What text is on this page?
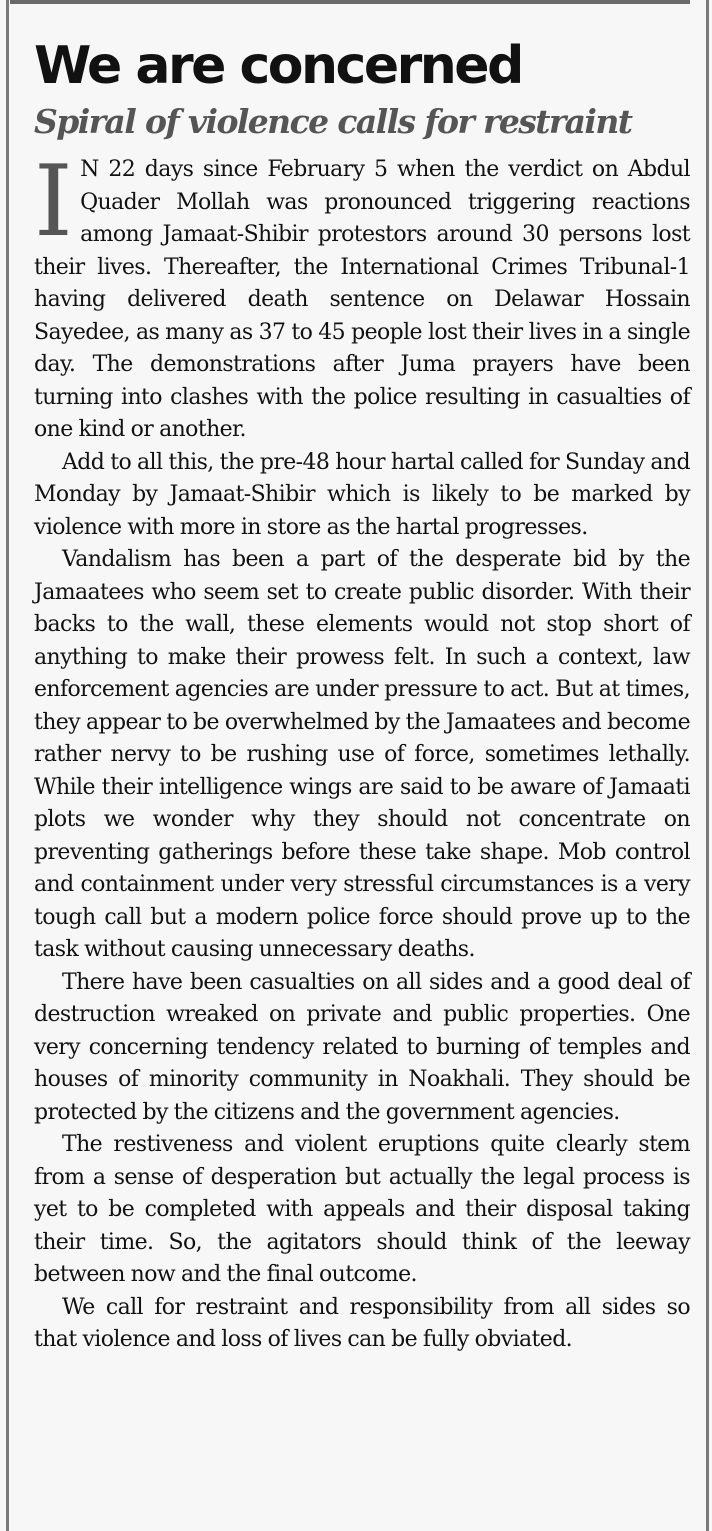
We are concerned
Spiral of violence calls for restraint

I N 22 days since February 5 when the verdict on Abdul Quader Mollah was pronounced triggering reactions among Jamaat-Shibir protestors around 30 persons lost their lives. Thereafter, the International Crimes Tribunal-1 having delivered death sentence on Delawar Hossain Sayedee, as many as 37 to 45 people lost their lives in a single day. The demonstrations after Juma prayers have been turning into clashes with the police resulting in casualties of one kind or another.

Add to all this, the pre-48 hour hartal called for Sunday and Monday by Jamaat-Shibir which is likely to be marked by violence with more in store as the hartal progresses.

Vandalism has been a part of the desperate bid by the Jamaatees who seem set to create public disorder. With their backs to the wall, these elements would not stop short of anything to make their prowess felt. In such a context, law enforcement agencies are under pressure to act. But at times, they appear to be overwhelmed by the Jamaatees and become rather nervy to be rushing use of force, sometimes lethally. While their intelligence wings are said to be aware of Jamaati plots we wonder why they should not concentrate on preventing gatherings before these take shape. Mob control and containment under very stressful circumstances is a very tough call but a modern police force should prove up to the task without causing unnecessary deaths.

There have been casualties on all sides and a good deal of destruction wreaked on private and public properties. One very concerning tendency related to burning of temples and houses of minority community in Noakhali. They should be protected by the citizens and the government agencies.

The restiveness and violent eruptions quite clearly stem from a sense of desperation but actually the legal process is yet to be completed with appeals and their disposal taking their time. So, the agitators should think of the leeway between now and the final outcome.

We call for restraint and responsibility from all sides so that violence and loss of lives can be fully obviated.
